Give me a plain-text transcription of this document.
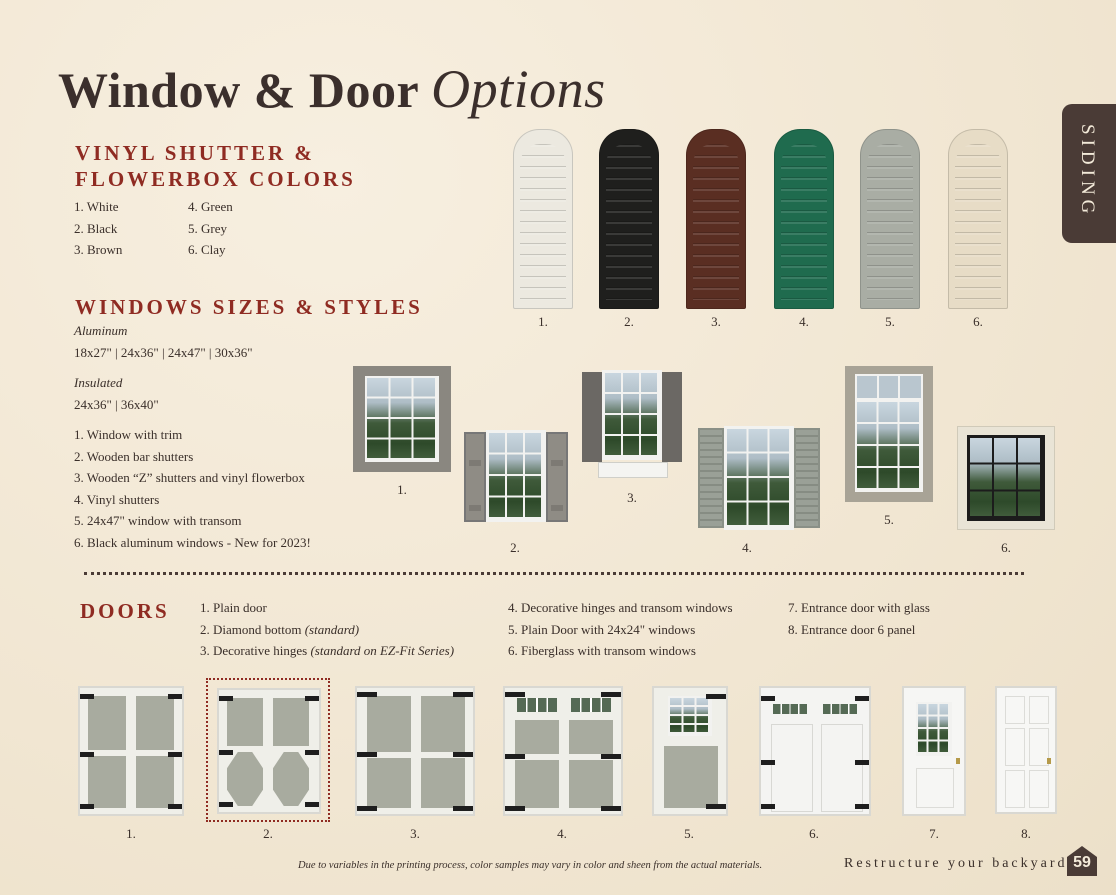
Window & Door Options
SIDING
VINYL SHUTTER &
FLOWERBOX COLORS
1. White
2. Black
3. Brown
4. Green
5. Grey
6. Clay
1.	2.	3.	4.	5.	6.
WINDOWS SIZES & STYLES
Aluminum
18x27" | 24x36" | 24x47" | 30x36"
Insulated
24x36" | 36x40"
1. Window with trim
2. Wooden bar shutters
3. Wooden “Z” shutters and vinyl flowerbox
4. Vinyl shutters
5. 24x47" window with transom
6. Black aluminum windows - New for 2023!
1.
2.
3.
4.
5.
6.
DOORS 1. Plain door
2. Diamond bottom (standard)
3. Decorative hinges (standard on EZ-Fit Series)
4. Decorative hinges and transom windows
5. Plain Door with 24x24" windows
6. Fiberglass with transom windows
7. Entrance door with glass
8. Entrance door 6 panel
1.	2.	3.	4.	5.	6.	7.	8.
Due to variables in the printing process, color samples may vary in color and sheen from the actual materials.	Restructure your backyard 59
